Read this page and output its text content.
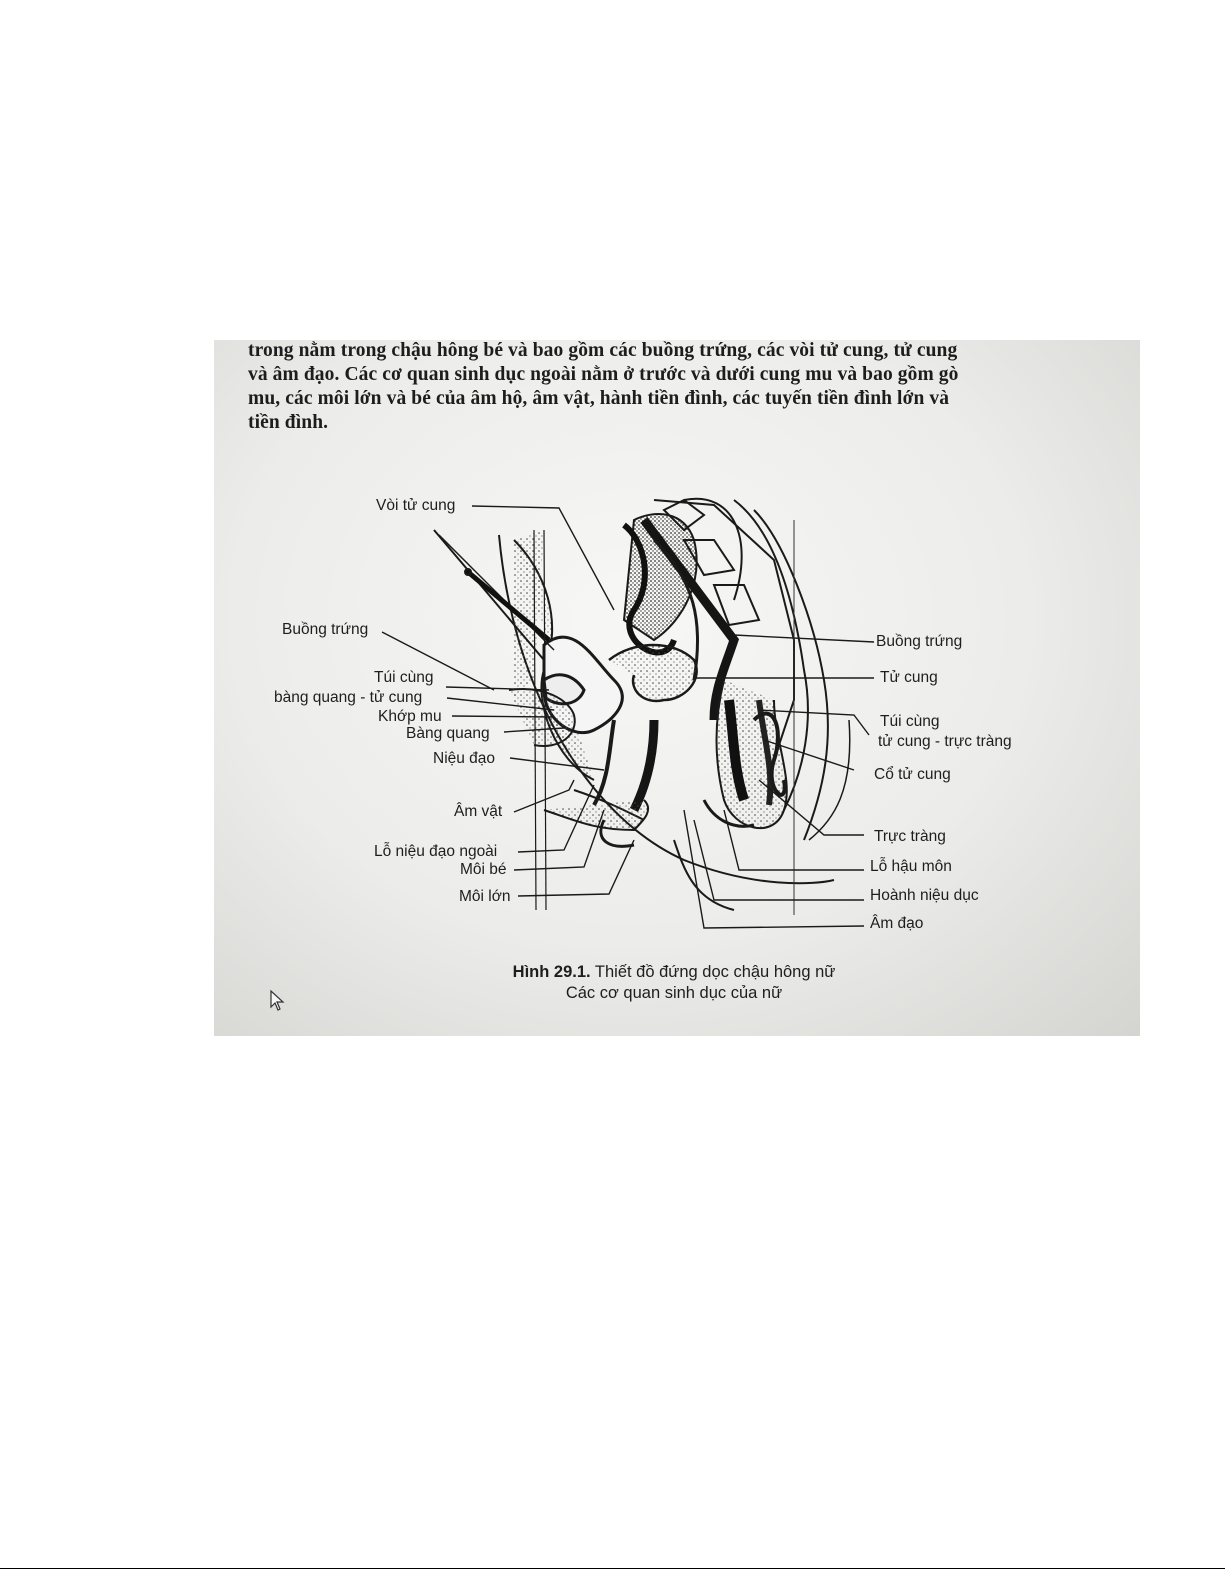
trong nằm trong chậu hông bé và bao gồm các buồng trứng, các vòi tử cung, tử cung
và âm đạo. Các cơ quan sinh dục ngoài nằm ở trước và dưới cung mu và bao gồm gò
mu, các môi lớn và bé của âm hộ, âm vật, hành tiền đình, các tuyến tiền đình lớn và
tiền đình.
Vòi tử cung
Buồng trứng
Túi cùng
bàng quang - tử cung
Khớp mu
Bàng quang
Niệu đạo
Âm vật
Lỗ niệu đạo ngoài
Môi bé
Môi lớn
Buồng trứng
Tử cung
Túi cùng
tử cung - trực tràng
Cổ tử cung
Trực tràng
Lỗ hậu môn
Hoành niệu dục
Âm đạo
Hình 29.1. Thiết đồ đứng dọc chậu hông nữ
Các cơ quan sinh dục của nữ
